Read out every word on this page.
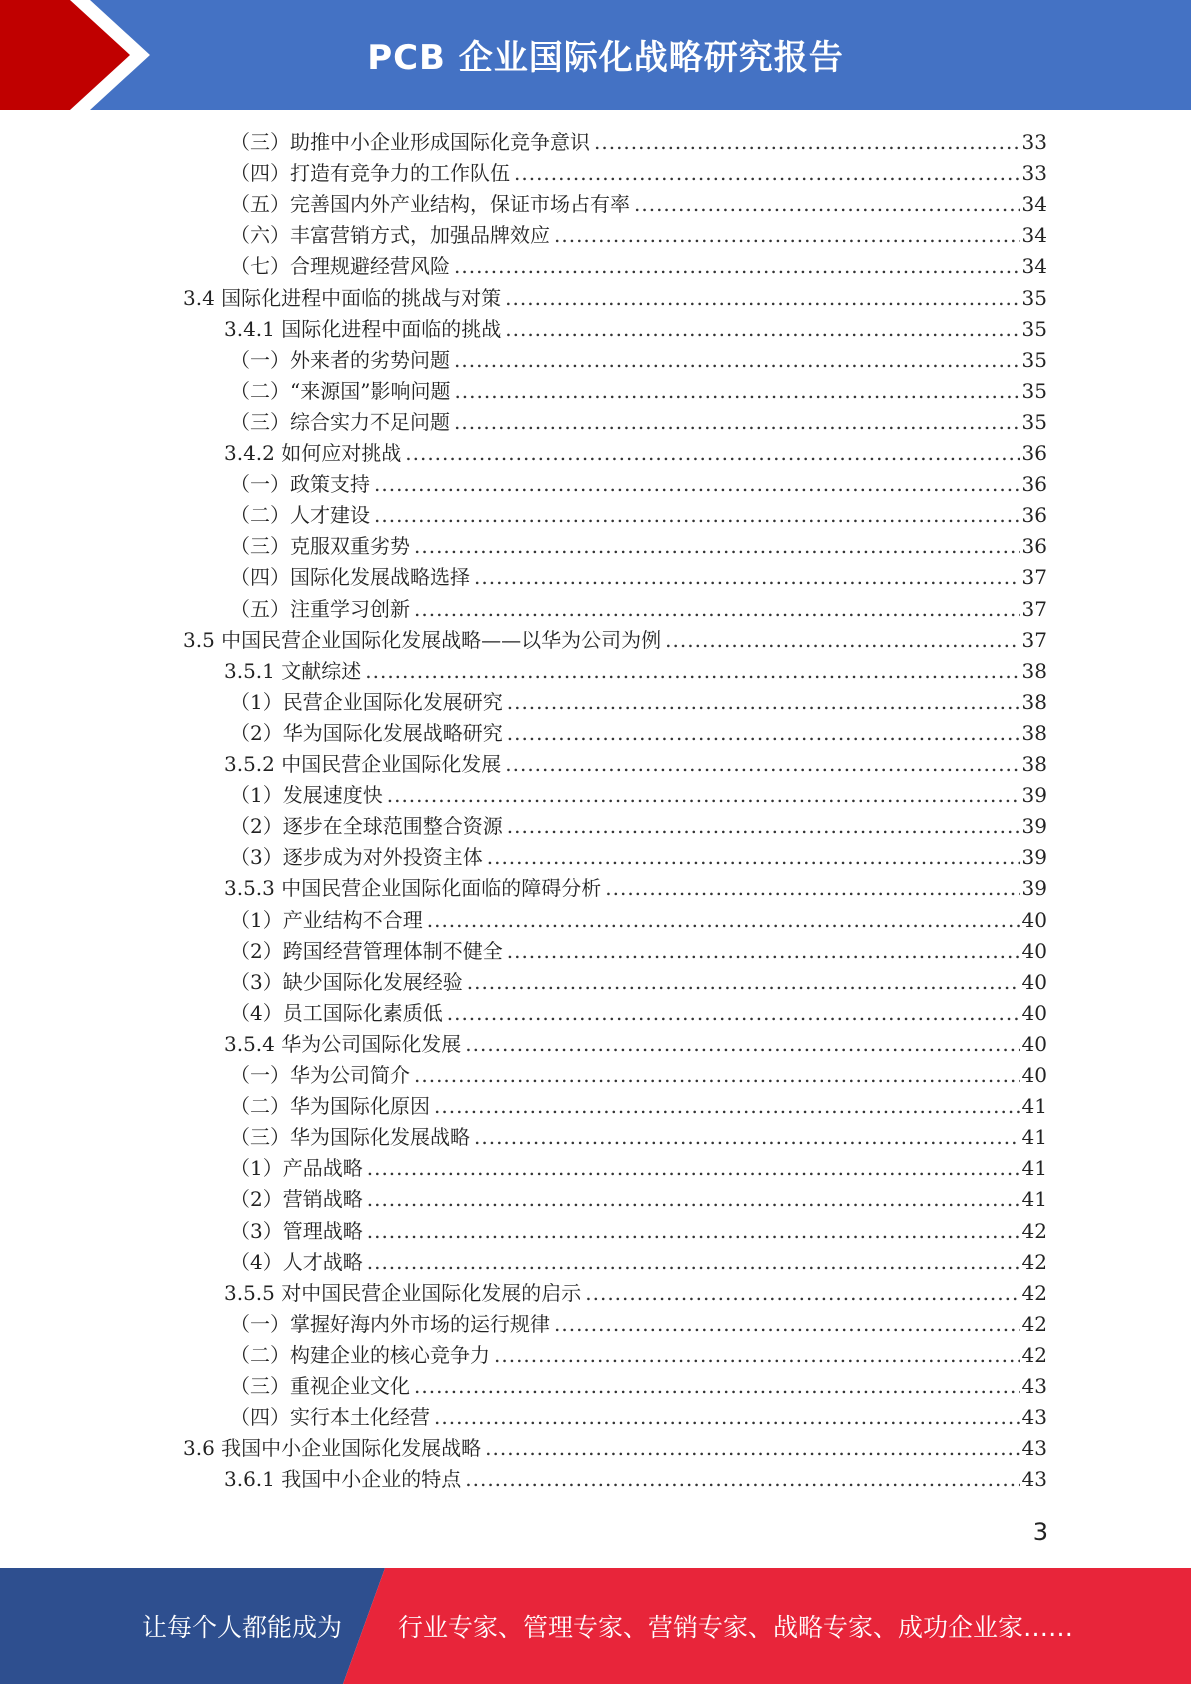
PCB 企业国际化战略研究报告
（三）助推中小企业形成国际化竞争意识 .....	33
（四）打造有竞争力的工作队伍 .....	33
（五）完善国内外产业结构，保证市场占有率 .....	34
（六）丰富营销方式，加强品牌效应 .....	34
（七）合理规避经营风险 .....	34
3.4 国际化进程中面临的挑战与对策 .....	35
3.4.1 国际化进程中面临的挑战 .....	35
（一）外来者的劣势问题 .....	35
（二）“来源国”影响问题 .....	35
（三）综合实力不足问题 .....	35
3.4.2 如何应对挑战 .....	36
（一）政策支持 .....	36
（二）人才建设 .....	36
（三）克服双重劣势 .....	36
（四）国际化发展战略选择 .....	37
（五）注重学习创新 .....	37
3.5 中国民营企业国际化发展战略——以华为公司为例 .....	37
3.5.1 文献综述 .....	38
（1）民营企业国际化发展研究 .....	38
（2）华为国际化发展战略研究 .....	38
3.5.2 中国民营企业国际化发展 .....	38
（1）发展速度快 .....	39
（2）逐步在全球范围整合资源 .....	39
（3）逐步成为对外投资主体 .....	39
3.5.3 中国民营企业国际化面临的障碍分析 .....	39
（1）产业结构不合理 .....	40
（2）跨国经营管理体制不健全 .....	40
（3）缺少国际化发展经验 .....	40
（4）员工国际化素质低 .....	40
3.5.4 华为公司国际化发展 .....	40
（一）华为公司简介 .....	40
（二）华为国际化原因 .....	41
（三）华为国际化发展战略 .....	41
（1）产品战略 .....	41
（2）营销战略 .....	41
（3）管理战略 .....	42
（4）人才战略 .....	42
3.5.5 对中国民营企业国际化发展的启示 .....	42
（一）掌握好海内外市场的运行规律 .....	42
（二）构建企业的核心竞争力 .....	42
（三）重视企业文化 .....	43
（四）实行本土化经营 .....	43
3.6 我国中小企业国际化发展战略 .....	43
3.6.1 我国中小企业的特点 .....	43
3
让每个人都能成为 行业专家、管理专家、营销专家、战略专家、成功企业家……
